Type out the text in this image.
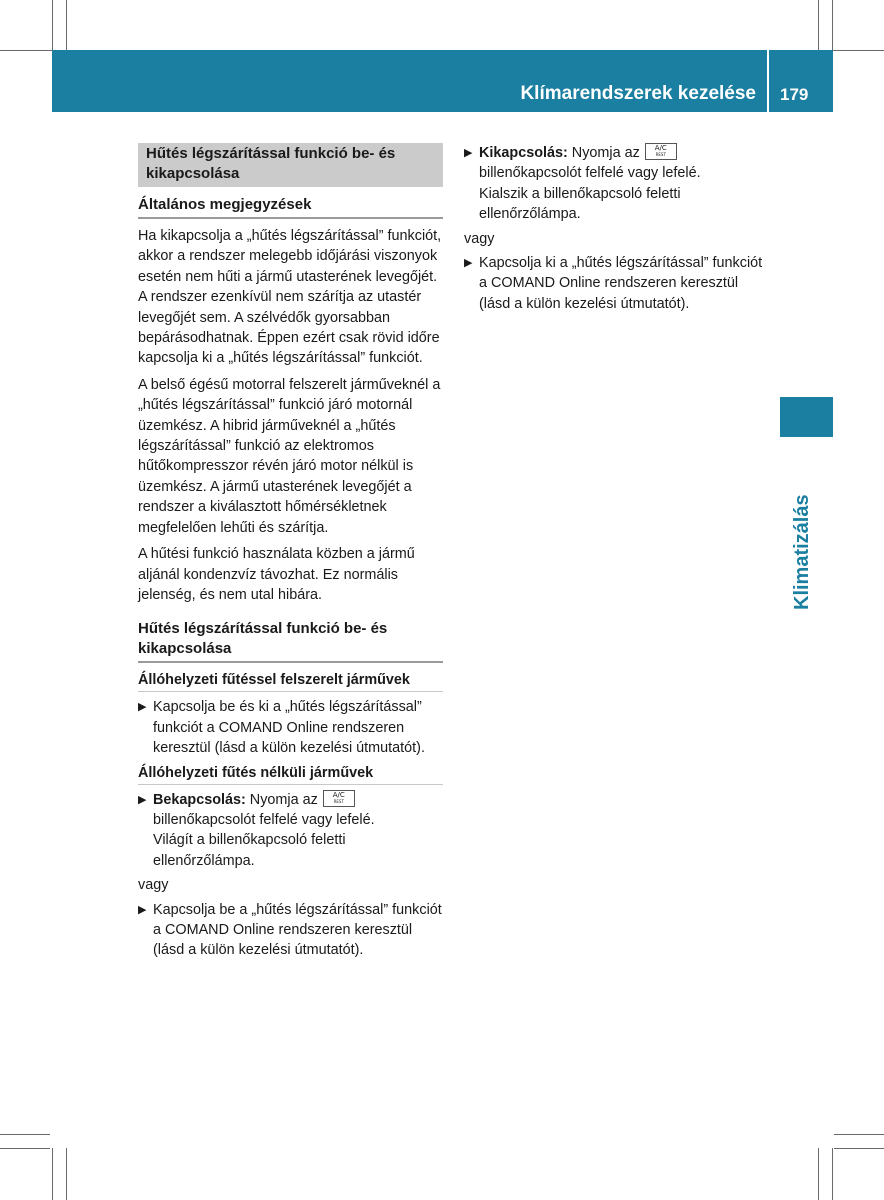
Klímarendszerek kezelése 179
Klimatizálás
Hűtés légszárítással funkció be- és kikapcsolása
Általános megjegyzések

Ha kikapcsolja a „hűtés légszárítással” funkciót, akkor a rendszer melegebb időjárási viszonyok esetén nem hűti a jármű utasterének levegőjét. A rendszer ezenkívül nem szárítja az utastér levegőjét sem. A szélvédők gyorsabban bepárásodhatnak. Éppen ezért csak rövid időre kapcsolja ki a „hűtés légszárítással” funkciót.

A belső égésű motorral felszerelt járműveknél a „hűtés légszárítással” funkció járó motornál üzemkész. A hibrid járműveknél a „hűtés légszárítással” funkció az elektromos hűtőkompresszor révén járó motor nélkül is üzemkész. A jármű utasterének levegőjét a rendszer a kiválasztott hőmérsékletnek megfelelően lehűti és szárítja.

A hűtési funkció használata közben a jármű aljánál kondenzvíz távozhat. Ez normális jelenség, és nem utal hibára.

Hűtés légszárítással funkció be- és kikapcsolása
Állóhelyzeti fűtéssel felszerelt járművek
▶ Kapcsolja be és ki a „hűtés légszárítással” funkciót a COMAND Online rendszeren keresztül (lásd a külön kezelési útmutatót).
Állóhelyzeti fűtés nélküli járművek
▶ Bekapcsolás: Nyomja az	A/C
REST
billenőkapcsolót felfelé vagy lefelé.
Világít a billenőkapcsoló feletti ellenőrzőlámpa.
vagy
▶ Kapcsolja be a „hűtés légszárítással” funkciót a COMAND Online rendszeren keresztül (lásd a külön kezelési útmutatót).
▶ Kikapcsolás: Nyomja az	A/C
REST
billenőkapcsolót felfelé vagy lefelé.
Kialszik a billenőkapcsoló feletti ellenőrzőlámpa.
vagy
▶ Kapcsolja ki a „hűtés légszárítással” funkciót a COMAND Online rendszeren keresztül (lásd a külön kezelési útmutatót).
